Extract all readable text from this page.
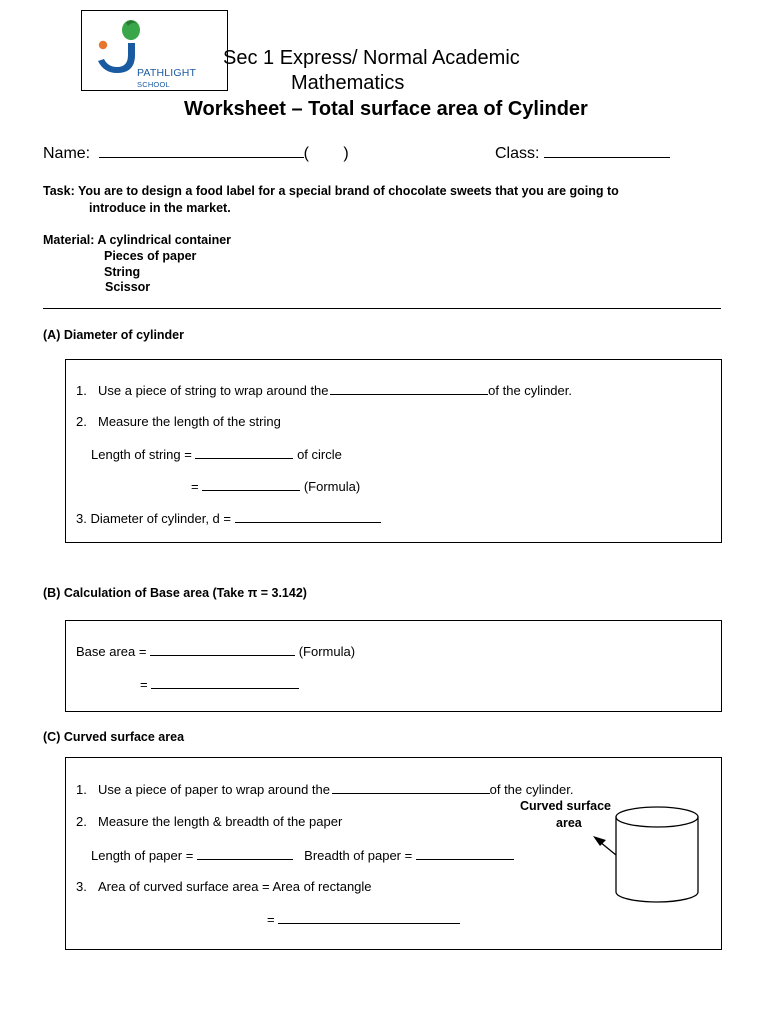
PATHLIGHT
SCHOOL
Sec 1 Express/ Normal Academic
Mathematics
Worksheet – Total surface area of Cylinder
Name:	( )	Class:
Task: You are to design a food label for a special brand of chocolate sweets that you are going to
introduce in the market.
Material: A cylindrical container
Pieces of paper
String
Scissor
(A) Diameter of cylinder
1. Use a piece of string to wrap around the	of the cylinder.
2. Measure the length of the string
Length of string =	of circle
=	(Formula)
3. Diameter of cylinder, d =
(B) Calculation of Base area (Take π = 3.142)
Base area =	(Formula)
=
(C) Curved surface area
1. Use a piece of paper to wrap around the	of the cylinder.
2. Measure the length & breadth of the paper
Length of paper =	Breadth of paper =
3. Area of curved surface area = Area of rectangle
=
Curved surface
area
